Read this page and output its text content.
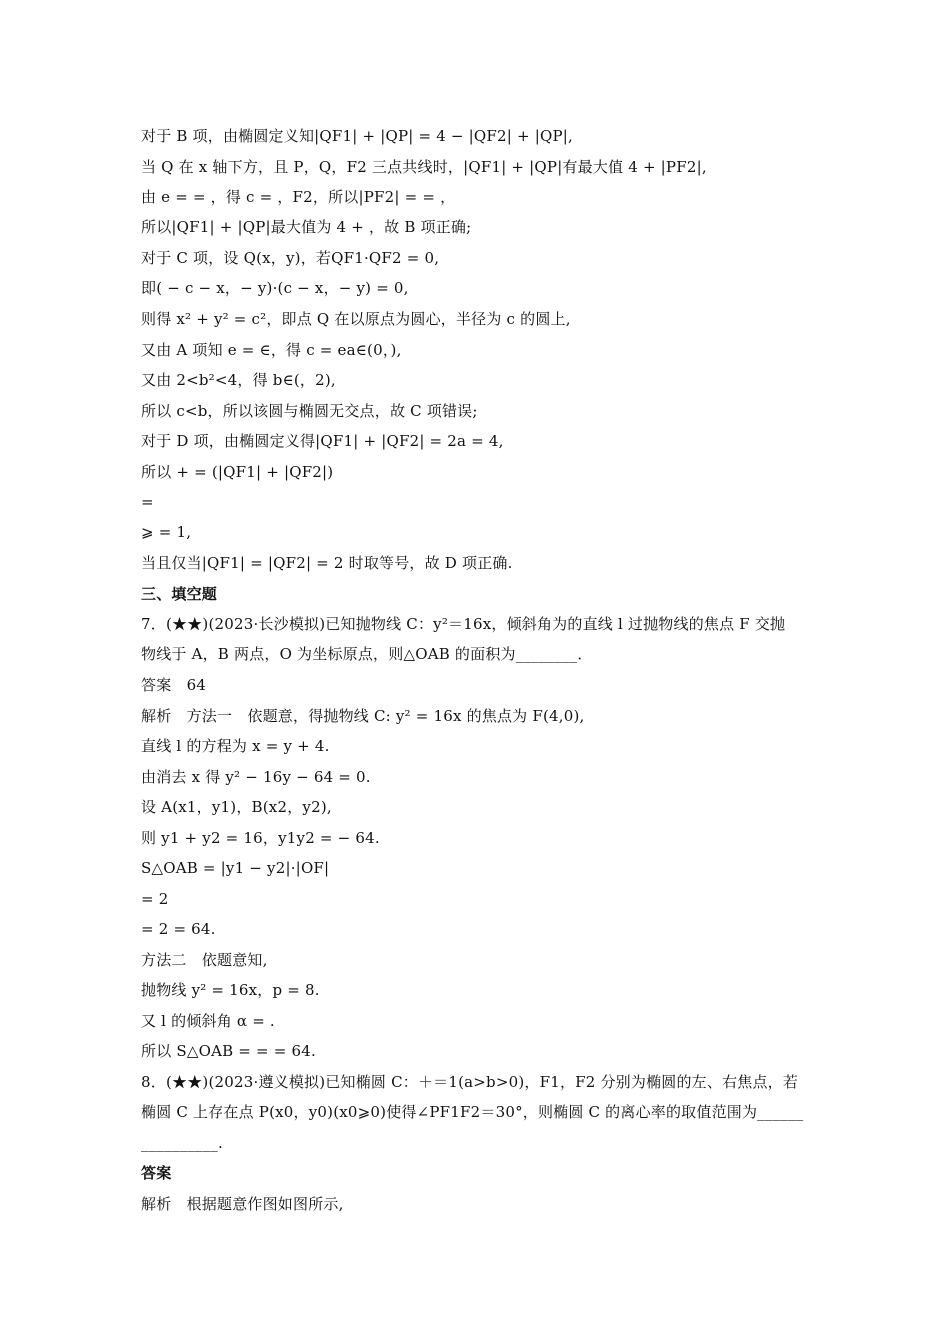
对于 B 项，由椭圆定义知|QF1| + |QP| = 4 − |QF2| + |QP|,
当 Q 在 x 轴下方，且 P，Q，F2 三点共线时，|QF1| + |QP|有最大值 4 + |PF2|,
由 e = = ，得 c = ，F2，所以|PF2| = = ，
所以|QF1| + |QP|最大值为 4 + ，故 B 项正确;
对于 C 项，设 Q(x，y)，若QF1·QF2 = 0,
即( − c − x，− y)·(c − x，− y) = 0,
则得 x² + y² = c²，即点 Q 在以原点为圆心，半径为 c 的圆上,
又由 A 项知 e = ∈，得 c = ea∈(0，),
又由 2<b²<4，得 b∈(，2),
所以 c<b，所以该圆与椭圆无交点，故 C 项错误;
对于 D 项，由椭圆定义得|QF1| + |QF2| = 2a = 4,
所以 + = (|QF1| + |QF2|)
=
⩾ = 1,
当且仅当|QF1| = |QF2| = 2 时取等号，故 D 项正确.
三、填空题
7．(★★)(2023·长沙模拟)已知抛物线 C：y²＝16x，倾斜角为的直线 l 过抛物线的焦点 F 交抛
物线于 A，B 两点，O 为坐标原点，则△OAB 的面积为________．
答案　64
解析　方法一　依题意，得抛物线 C: y² = 16x 的焦点为 F(4,0),
直线 l 的方程为 x = y + 4.
由消去 x 得 y² − 16y − 64 = 0.
设 A(x1，y1)，B(x2，y2),
则 y1 + y2 = 16，y1y2 = − 64.
S△OAB = |y1 − y2|·|OF|
= 2
= 2 = 64.
方法二　依题意知,
抛物线 y² = 16x，p = 8.
又 l 的倾斜角 α = .
所以 S△OAB = = = 64.
8．(★★)(2023·遵义模拟)已知椭圆 C：＋＝1(a>b>0)，F1，F2 分别为椭圆的左、右焦点，若
椭圆 C 上存在点 P(x0，y0)(x0⩾0)使得∠PF1F2＝30°，则椭圆 C 的离心率的取值范围为______
__________.
答案
解析　根据题意作图如图所示,
